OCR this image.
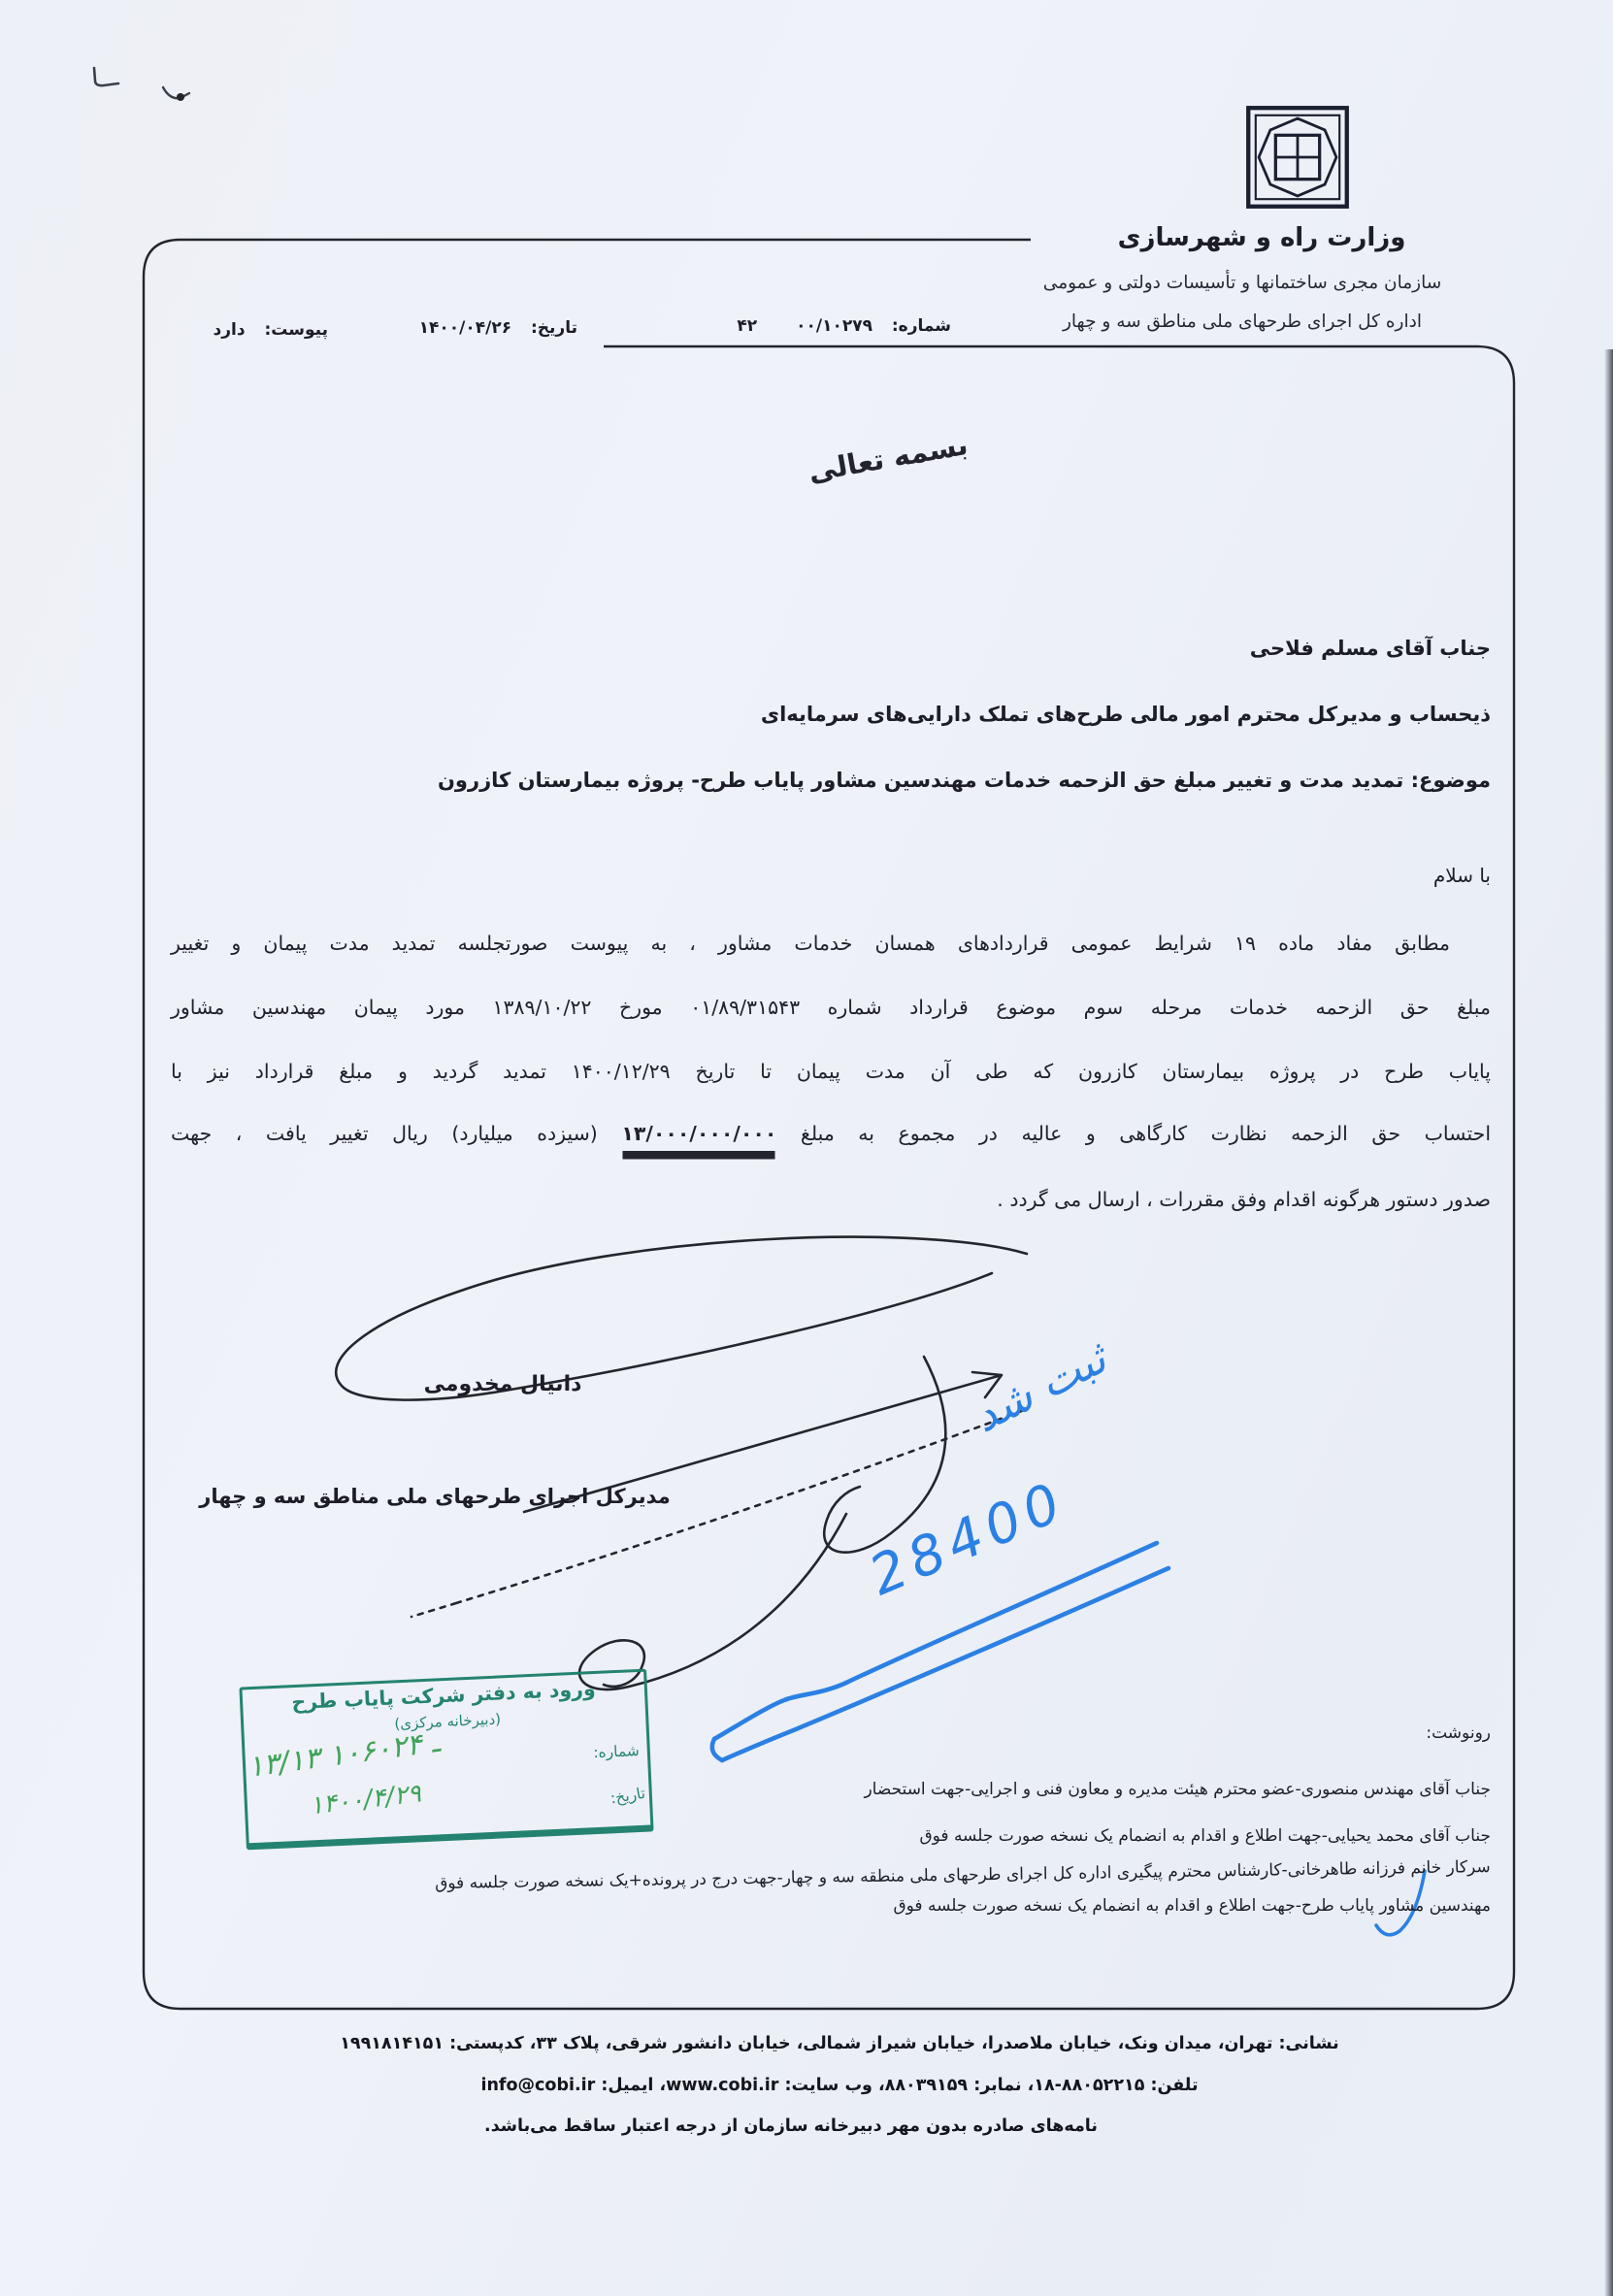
وزارت راه و شهرسازی
سازمان مجری ساختمانها و تأسیسات دولتی و عمومی
اداره کل اجرای طرحهای ملی مناطق سه و چهار
شماره: ۰۰/۱۰۲۷۹ ۴۲
تاریخ: ۱۴۰۰/۰۴/۲۶
پیوست: دارد
بسمه تعالی
جناب آقای مسلم فلاحی
ذیحساب و مدیرکل محترم امور مالی طرح‌های تملک دارایی‌های سرمایه‌ای
موضوع: تمدید مدت و تغییر مبلغ حق الزحمه خدمات مهندسین مشاور پایاب طرح- پروژه بیمارستان کازرون
با سلام
مطابق مفاد ماده ۱۹ شرایط عمومی قراردادهای همسان خدمات مشاور ، به پیوست صورتجلسه تمدید مدت پیمان و تغییر
مبلغ حق الزحمه خدمات مرحله سوم موضوع قرارداد شماره ۰۱/۸۹/۳۱۵۴۳ مورخ ۱۳۸۹/۱۰/۲۲ مورد پیمان مهندسین مشاور
پایاب طرح در پروژه بیمارستان کازرون که طی آن مدت پیمان تا تاریخ ۱۴۰۰/۱۲/۲۹ تمدید گردید و مبلغ قرارداد نیز با
احتساب حق الزحمه نظارت کارگاهی و عالیه در مجموع به مبلغ ۱۳/۰۰۰/۰۰۰/۰۰۰ (سیزده میلیارد) ریال تغییر یافت ، جهت
صدور دستور هرگونه اقدام وفق مقررات ، ارسال می گردد .
دانیال مخدومی
مدیرکل اجرای طرحهای ملی مناطق سه و چهار
ثبت شد
28400
ورود به دفتر شرکت پایاب طرح
(دبیرخانه مرکزی)
شماره:
۱۳/۱۳ ـ ۱۰۶۰۲۴
تاریخ:
۱۴۰۰/۴/۲۹
رونوشت:
جناب آقای مهندس منصوری-عضو محترم هیئت مدیره و معاون فنی و اجرایی-جهت استحضار
جناب آقای محمد یحیایی-جهت اطلاع و اقدام به انضمام یک نسخه صورت جلسه فوق
سرکار خانم فرزانه طاهرخانی-کارشناس محترم پیگیری اداره کل اجرای طرحهای ملی منطقه سه و چهار-جهت درج در پرونده+یک نسخه صورت جلسه فوق
مهندسین مشاور پایاب طرح-جهت اطلاع و اقدام به انضمام یک نسخه صورت جلسه فوق
نشانی: تهران، میدان ونک، خیابان ملاصدرا، خیابان شیراز شمالی، خیابان دانشور شرقی، پلاک ۳۳، کدپستی: ۱۹۹۱۸۱۴۱۵۱
تلفن: ۸۸۰۵۲۲۱۵-۱۸، نمابر: ۸۸۰۳۹۱۵۹، وب سایت: www.cobi.ir، ایمیل: info@cobi.ir
نامه‌های صادره بدون مهر دبیرخانه سازمان از درجه اعتبار ساقط می‌باشد.
